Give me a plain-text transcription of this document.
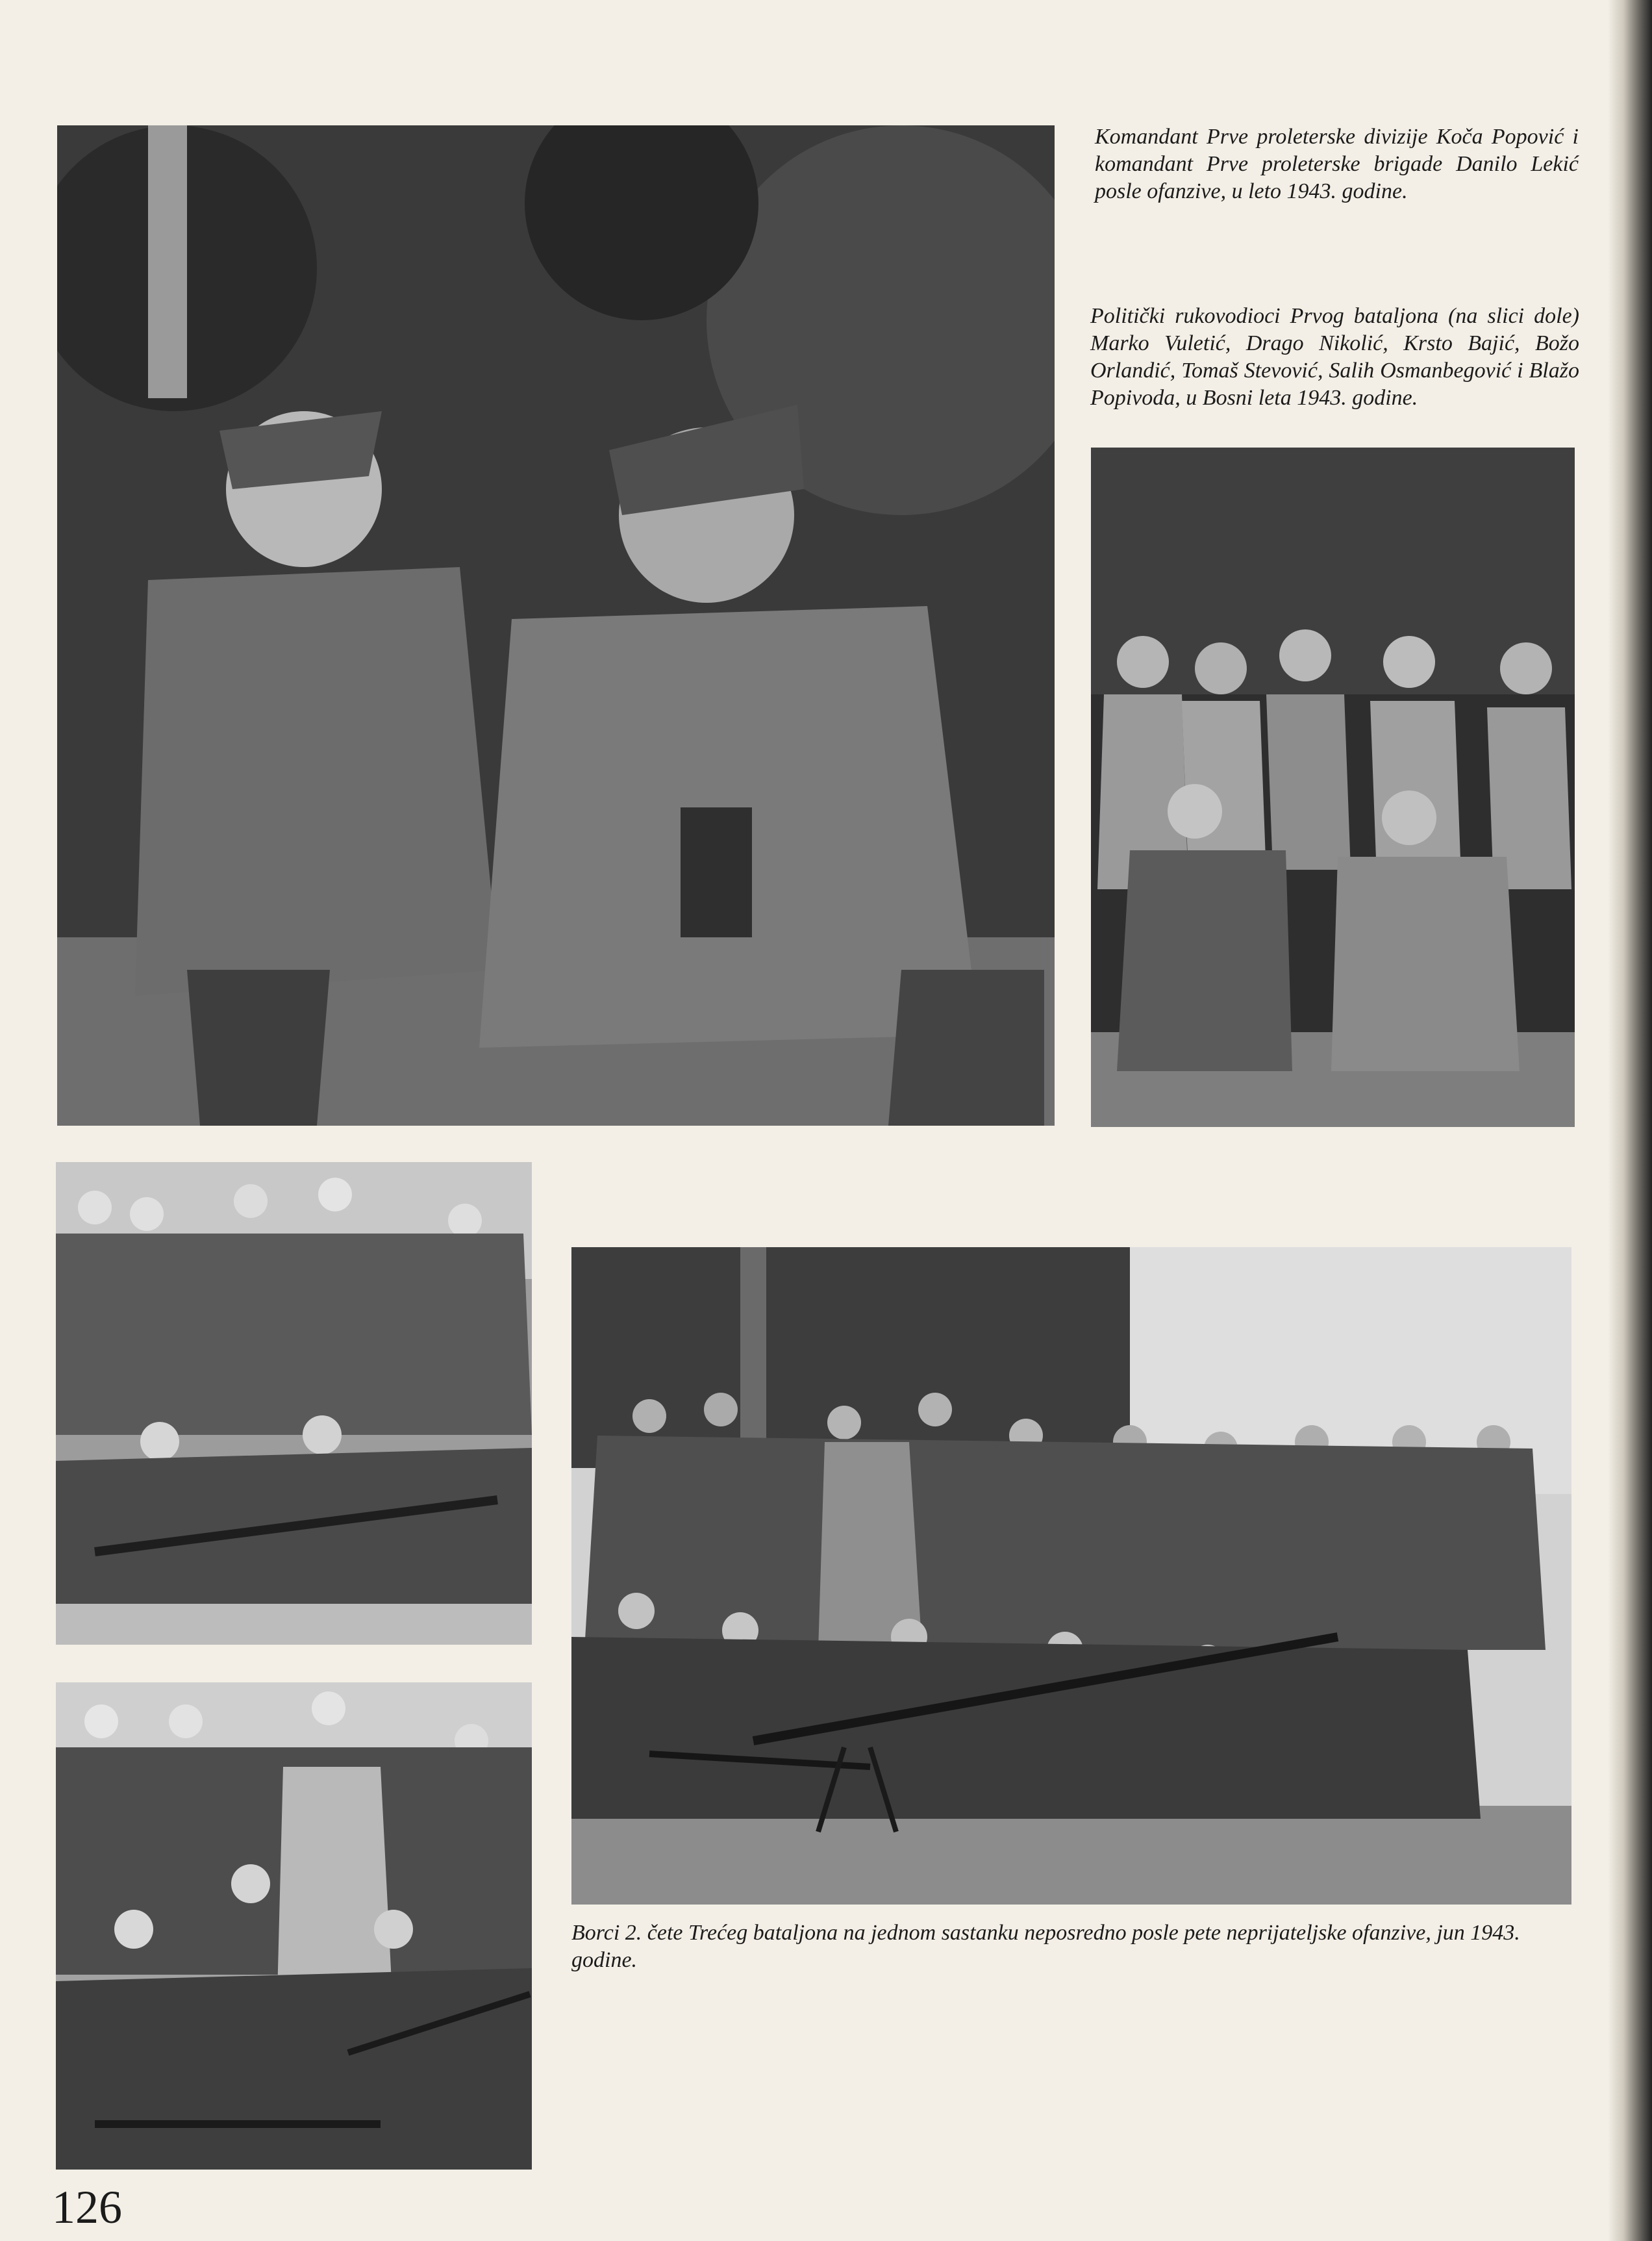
Komandant Prve proleterske divizije Koča Popović i komandant Prve proleterske brigade Danilo Lekić posle ofanzive, u leto 1943. godine.

Politički rukovodioci Prvog bataljona (na slici dole) Marko Vuletić, Drago Nikolić, Krsto Bajić, Božo Orlandić, Tomaš Stevović, Salih Osmanbegović i Blažo Popivoda, u Bosni leta 1943. godine.

Borci 2. čete Trećeg bataljona na jednom sastanku neposredno posle pete neprijateljske ofanzive, jun 1943. godine.

126
